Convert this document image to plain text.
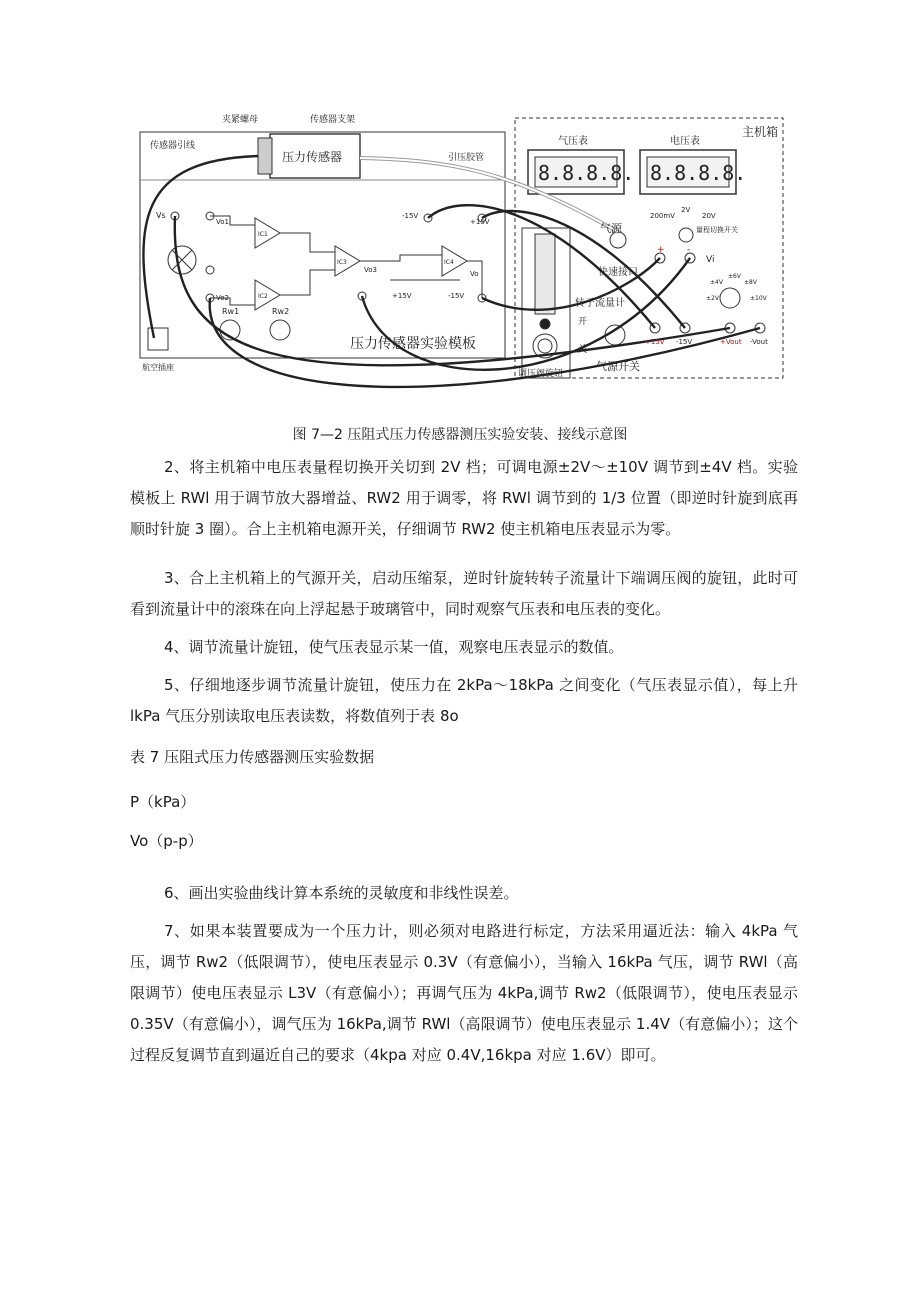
夹紧螺母	传感器支架
传感器引线
压力传感器	引压胶管
主机箱
气压表	电压表
8.8.8.8. 8.8.8.8.
气源
快速接口
转子流量计
开
关
气源开关
调压阀旋钮
量程切换开关
200mV
2V
20V
+ -
Vi
+15V -15V	+Vout -Vout
±2V
±4V
±6V
±8V
±10V
-15V
+15V
+15V	-15V
压力传感器实验模板
航空插座
Rw1	Rw2
Vs
Vo1
Vo2
Vo3	Vo
IC1
IC2
IC3	IC4
图 7—2 压阻式压力传感器测压实验安装、接线示意图

2、将主机箱中电压表量程切换开关切到 2V 档；可调电源±2V～±10V 调节到±4V 档。实验模板上 RWl 用于调节放大器增益、RW2 用于调零，将 RWl 调节到的 1/3 位置（即逆时针旋到底再顺时针旋 3 圈）。合上主机箱电源开关，仔细调节 RW2 使主机箱电压表显示为零。

3、合上主机箱上的气源开关，启动压缩泵，逆时针旋转转子流量计下端调压阀的旋钮，此时可看到流量计中的滚珠在向上浮起悬于玻璃管中，同时观察气压表和电压表的变化。

4、调节流量计旋钮，使气压表显示某一值，观察电压表显示的数值。

5、仔细地逐步调节流量计旋钮，使压力在 2kPa～18kPa 之间变化（气压表显示值），每上升 lkPa 气压分别读取电压表读数，将数值列于表 8o

表 7 压阻式压力传感器测压实验数据

P（kPa）

Vo（p-p）

6、画出实验曲线计算本系统的灵敏度和非线性误差。

7、如果本装置要成为一个压力计，则必须对电路进行标定，方法采用逼近法：输入 4kPa 气压，调节 Rw2（低限调节），使电压表显示 0.3V（有意偏小），当输入 16kPa 气压，调节 RWl（高限调节）使电压表显示 L3V（有意偏小）；再调气压为 4kPa,调节 Rw2（低限调节），使电压表显示 0.35V（有意偏小），调气压为 16kPa,调节 RWl（高限调节）使电压表显示 1.4V（有意偏小）；这个过程反复调节直到逼近自己的要求（4kpa 对应 0.4V,16kpa 对应 1.6V）即可。
